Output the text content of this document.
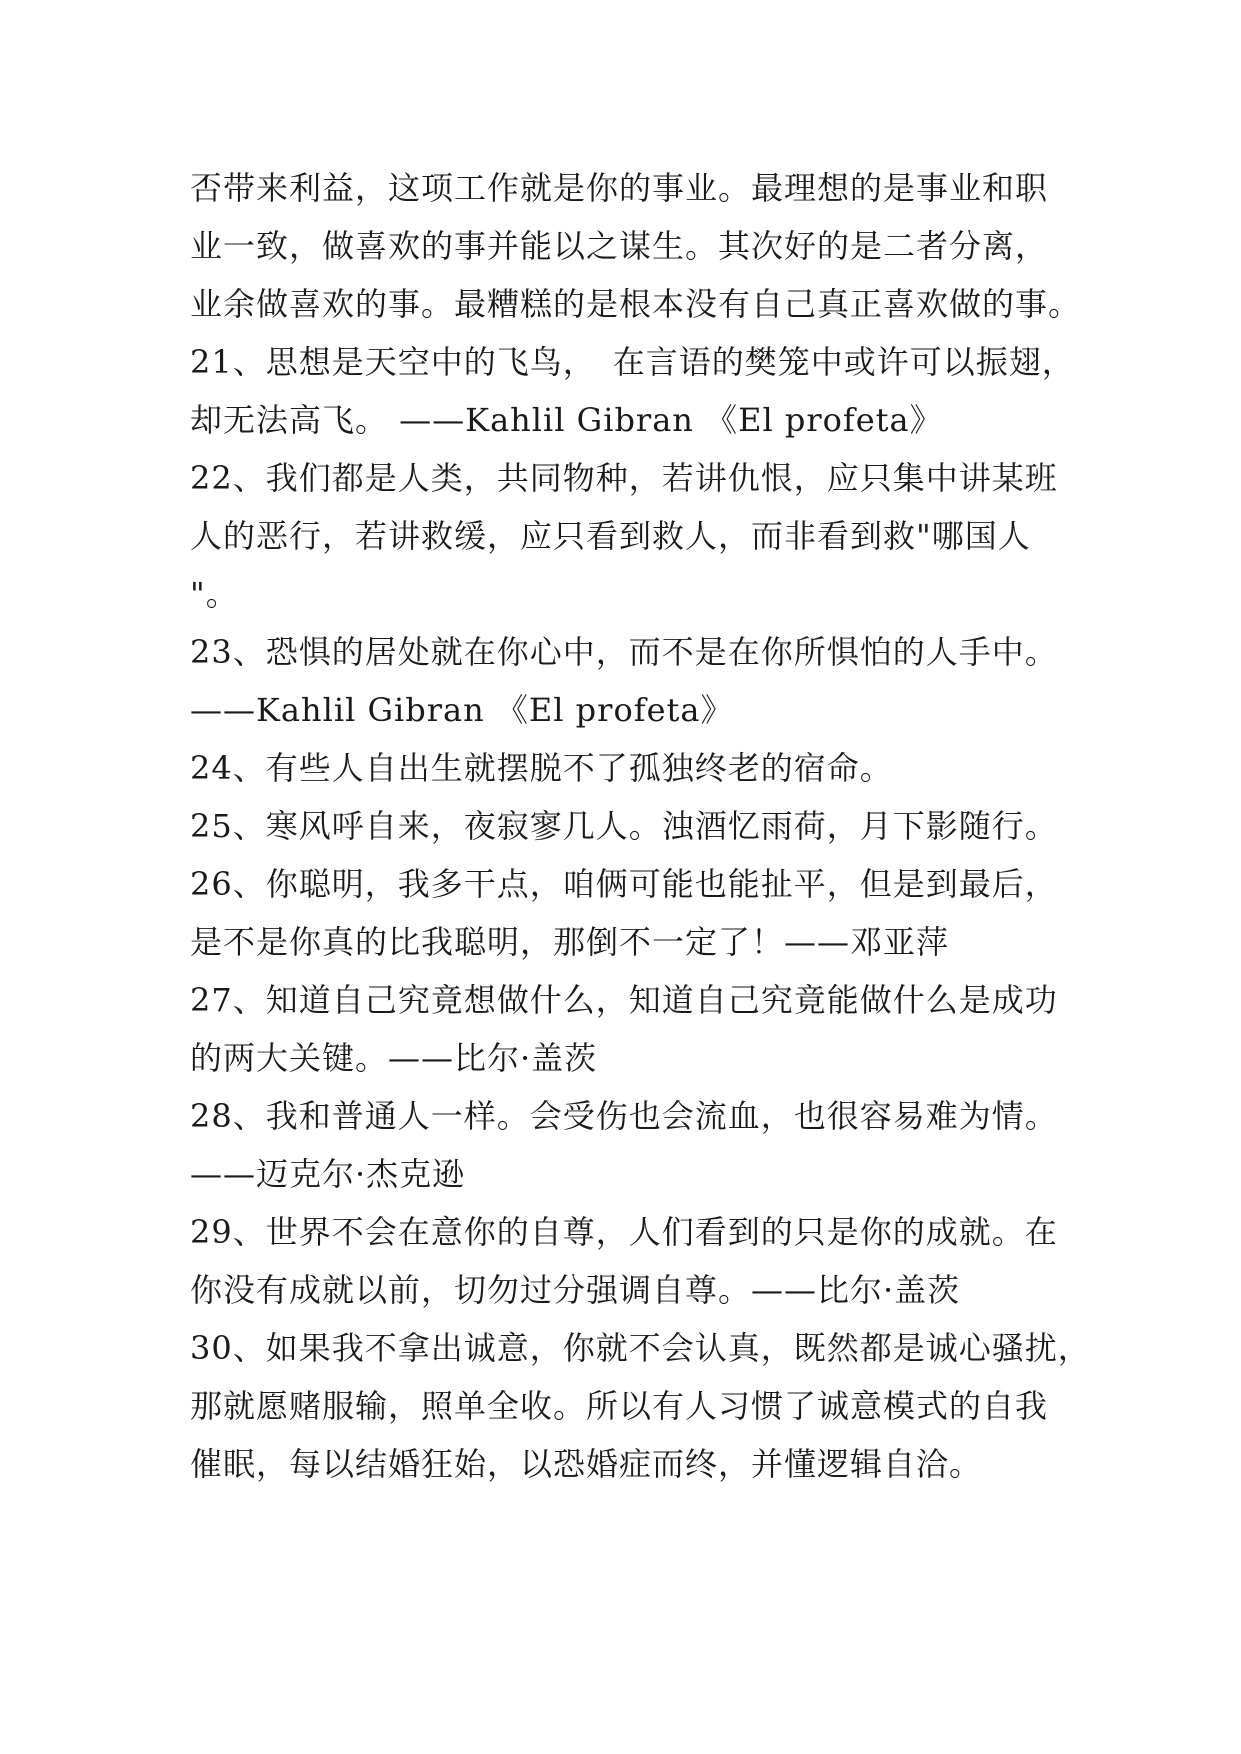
否带来利益，这项工作就是你的事业。最理想的是事业和职
业一致，做喜欢的事并能以之谋生。其次好的是二者分离，
业余做喜欢的事。最糟糕的是根本没有自己真正喜欢做的事。
21、思想是天空中的飞鸟，　在言语的樊笼中或许可以振翅，
却无法高飞。 ——Kahlil Gibran 《El profeta》
22、我们都是人类，共同物种，若讲仇恨，应只集中讲某班
人的恶行，若讲救缓，应只看到救人，而非看到救"哪国人
"。
23、恐惧的居处就在你心中，而不是在你所惧怕的人手中。
——Kahlil Gibran 《El profeta》
24、有些人自出生就摆脱不了孤独终老的宿命。
25、寒风呼自来，夜寂寥几人。浊酒忆雨荷，月下影随行。
26、你聪明，我多干点，咱俩可能也能扯平，但是到最后，
是不是你真的比我聪明，那倒不一定了！——邓亚萍
27、知道自己究竟想做什么，知道自己究竟能做什么是成功
的两大关键。——比尔·盖茨
28、我和普通人一样。会受伤也会流血，也很容易难为情。
——迈克尔·杰克逊
29、世界不会在意你的自尊，人们看到的只是你的成就。在
你没有成就以前，切勿过分强调自尊。——比尔·盖茨
30、如果我不拿出诚意，你就不会认真，既然都是诚心骚扰，
那就愿赌服输，照单全收。所以有人习惯了诚意模式的自我
催眠，每以结婚狂始，以恐婚症而终，并懂逻辑自洽。
